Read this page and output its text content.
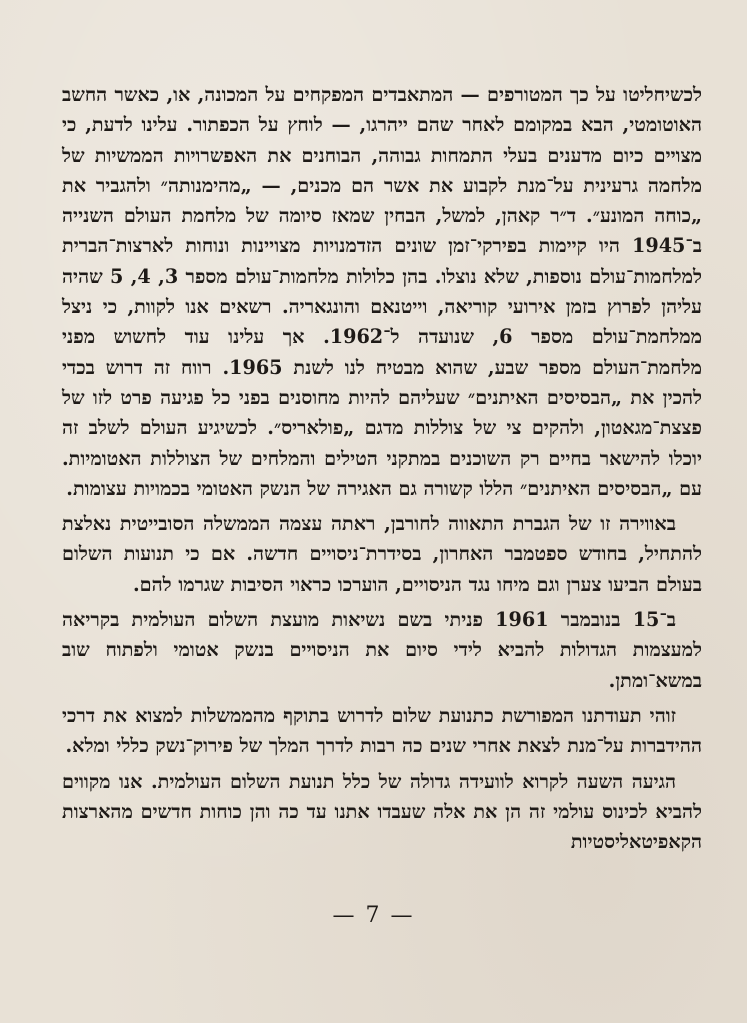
לכשיחליטו על כך המטורפים — המתאבדים המפקחים על המכונה, או, כאשר החשב האוטומטי, הבא במקומם לאחר שהם ייהרגו, — לוחץ על הכפתור. עלינו לדעת, כי מצויים כיום מדענים בעלי התמחות גבוהה, הבוחנים את האפשרויות הממשיות של מלחמה גרעינית על־מנת לקבוע את אשר הם מכנים, — „מהימנותה״ ולהגביר את „כוחה המונע״. ד״ר קאהן, למשל, הבחין שמאז סיומה של מלחמת העולם השנייה ב־1945 היו קיימות בפירקי־זמן שונים הזדמנויות מצויינות ונוחות לארצות־הברית למלחמות־עולם נוספות, שלא נוצלו. בהן כלולות מלחמות־עולם מספר 3, 4, 5 שהיה עליהן לפרוץ בזמן אירועי קוריאה, וייטנאם והונגאריה. רשאים אנו לקוות, כי ניצל ממלחמת־עולם מספר 6, שנועדה ל־1962. אך עלינו עוד לחשוש מפני מלחמת־העולם מספר שבע, שהוא מבטיח לנו לשנת 1965. רווח זה דרוש בכדי להכין את „הבסיסים האיתנים״ שעליהם להיות מחוסנים בפני כל פגיעה פרט לזו של פצצת־מגאטון, ולהקים צי של צוללות מדגם „פולאריס״. לכשיגיע העולם לשלב זה יוכלו להישאר בחיים רק השוכנים במתקני הטילים והמלחים של הצוללות האטומיות. עם „הבסיסים האיתנים״ הללו קשורה גם האגירה של הנשק האטומי בכמויות עצומות.

באווירה זו של הגברת התאווה לחורבן, ראתה עצמה הממשלה הסובייטית נאלצת להתחיל, בחודש ספטמבר האחרון, בסידרת־ניסויים חדשה. אם כי תנועות השלום בעולם הביעו צערן וגם מיחו נגד הניסויים, הוערכו כראוי הסיבות שגרמו להם.

ב־15 בנובמבר 1961 פניתי בשם נשיאות מועצת השלום העולמית בקריאה למעצמות הגדולות להביא לידי סיום את הניסויים בנשק אטומי ולפתוח שוב במשא־ומתן.

זוהי תעודתנו המפורשת כתנועת שלום לדרוש בתוקף מהממשלות למצוא את דרכי ההידברות על־מנת לצאת אחרי שנים כה רבות לדרך המלך של פירוק־נשק כללי ומלא.

הגיעה השעה לקרוא לוועידה גדולה של כלל תנועת השלום העולמית. אנו מקווים להביא לכינוס עולמי זה הן את אלה שעבדו אתנו עד כה והן כוחות חדשים מהארצות הקאפיטאליסטיות

— 7 —
